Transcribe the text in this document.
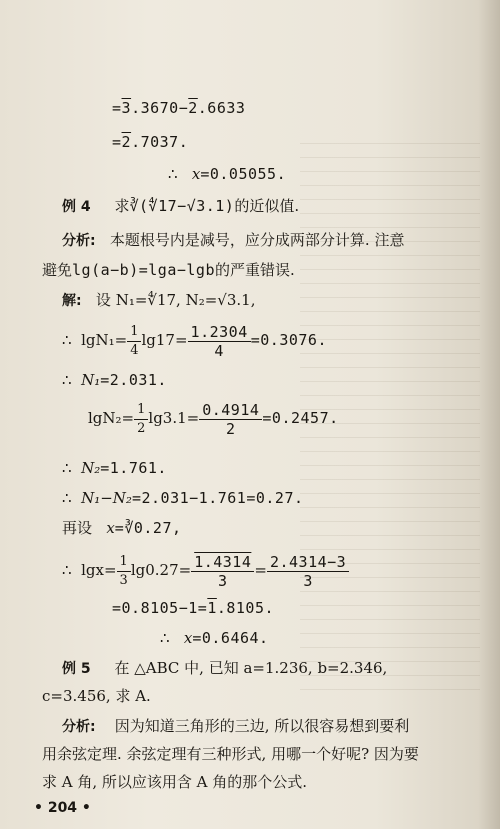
=3.3670−2.6633
=2.7037.
∴ x=0.05055.
例 4 求∛(∜17−√3.1)的近似值.
分析: 本题根号内是减号，应分成两部分计算. 注意
避免lg(a−b)=lga−lgb的严重错误.
解: 设 N₁=∜17, N₂=√3.1,
∴ $\lg N_1= \frac{1}{4} \lg 17= \frac{1.2304}{4} =0.3076$.
∴ N₁=2.031.
$\lg N_2= \frac{1}{2} \lg 3.1= \frac{0.4914}{2} =0.2457$.
∴ N₂=1.761.
∴ N₁−N₂=2.031−1.761=0.27.
再设 x=∛0.27,
∴ $\lg x= \frac{1}{3} \lg 0.27= \frac{1.4314}{3} = \frac{2.4314-3}{3}$
=0.8105−1=1.8105.
∴ x=0.6464.
例 5 在 △ABC 中, 已知 a=1.236, b=2.346,
c=3.456, 求 A.
分析: 因为知道三角形的三边, 所以很容易想到要利
用余弦定理. 余弦定理有三种形式, 用哪一个好呢? 因为要
求 A 角, 所以应该用含 A 角的那个公式.
• 204 •
